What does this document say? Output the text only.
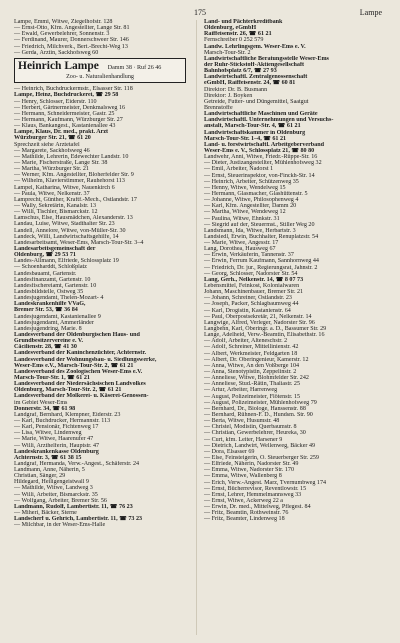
175	Lampe
Lampe, Emmi, Witwe, Ziegelhofstr. 128
— Ernst-Otto, Kfm. Angestellter, Lange Str. 81
— Ewald, Gewerbelehrer, Sonnenstr. 3
— Ferdinand, Maurer, Donnerschweer Str. 146
— Friedrich, Milchverk., Bert.-Brecht-Weg 13
— Gerda, Ärztin, Sackhofsweg 60
Heinrich Lampe Damm 38 · Ruf 26 46
Zoo- u. Naturalienhandlung
— Heinrich, Buchdruckermstr., Elsasser Str. 118
Lampe, Heinz, Buchdruckerei, ☎ 29 58
— Henry, Schlosser, Eiderstr. 110
— Herbert, Gärtnermeister, Denkmalsweg 16
— Hermann, Schneidermeister, Gastr. 25
— Hermann, Kaufmann, Würzburger Str. 27
— Klaus, Bankangest., Kastanienallee 43
Lampe, Klaus, Dr. med., prakt. Arzt
Würzburger Str. 21, ☎ 61 20
Sprechzeit siehe Ärztetafel
— Margarete, Sackhofsweg 46
— Mathilde, Lehrerin, Edewechter Landstr. 10
— Marie, Fischerstraße, Lange Str. 38
— Martha, Würzburger Str. 21
— Werner, Kfm. Angestellter, Bloherfelder Str. 9
— Wilhelm, Klavierstimmer, Rauhehorst 113
Lampel, Katharina, Witwe, Nauenkirch 6
— Paula, Witwe, Nelkenstr. 37
Lamprecht, Günther, Kraftf.-Mech., Ostlandstr. 17
— Wally, Sekretärin, Kanalstr. 13
— Willi, Tischler, Bismarckstr. 12
Lamschus, Else, Hausmädchen, Alexanderstr. 13
Landau, Luise, Witwe, Stadthalter Str. 23
Landell, Annelore, Witwe, von-Müller-Str. 30
Landeck, Willi, Landwirtschaftsgehilfe, 14
Landesarbeitsamt, Weser-Ems, Marsch-Tour-Str. 3–4
Landesarbeitsgemeinschaft der
Oldenburg, ☎ 29 53 71
Landes-Allmann, Elfriede, Schlossplatz 19
— Schoenharddt, Schloßplatz
Landesbauamt, Gartenstr.
Landesfinanzamt, Gartenstr. 10
Landesfischereiamt, Gartenstr. 10
Landesbildstelle, Ostweg 35
Landesjugendamt, Thelen-Mozart- 4
Landeskrankenhilfe VVaG,
Bremer Str. 53, ☎ 36 84
Landesjugendamt, Kastanienallee 9
Landesjugendamt, Ammerländer
Landesjugendring, Marie. 8
Landesverband der Oldenburgischen Haus- und
Grundbesitzervereine e. V.
Cäcilienstr. 28, ☎ 41 30
Landesverband der Kaninchenzüchter, Achternstr.
Landesverband der Wohnungsbau- u. Siedlungswerke,
Weser-Ems e.V., Marsch-Tour-Str. 2, ☎ 61 21
Landesverband des Zoologischen Weser-Ems e.V.
Marsch-Tour-Str. 1, ☎ 61 21
Landesverband der Niedersächsischen Landvolkes
Oldenburg, Marsch-Tour-Str. 2, ☎ 61 21
Landesverband der Molkerei- u. Käserei-Genossen-
im Gebiet Weser-Ems
Donnerstr. 34, ☎ 61 98
Landgraf, Bernhard, Klempner, Eiderstr. 23
— Karl, Buchdrucker, Hermannstr. 113
— Karl, Pensionär, Fichtenweg 17
— Lisa, Witwe, Lindenweg
— Marie, Witwe, Haarenufer 47
— Willi, Arzthelferin, Hauptstr. 47
Landeskrankenkasse Oldenburg
Achternstr. 3, ☎ 61 38 15
Landgraf, Hermanda, Verw.-Angest., Schäferstr. 24
Landmann, Anne, Näherin, 5
Christian, Sänger, 29
Hildegard, Heiligengeistwall 9
— Mathilde, Witwe, Landweg 3
— Willi, Arbeiter, Bismarckstr. 35
— Wolfgang, Arbeiter, Bremer Str. 56
Landmann, Rudolf, Lambertistr. 11, ☎ 76 23
— Miheri, Bäcker, Sterne
Landscherf u. Gehrich, Lambertistr. 11, ☎ 73 23
— Milchbar, in der Weser-Ems-Halle
Land- und Pächterkreditbank
Oldenburg, eGmbH
Raiffeisenstr. 26, ☎ 61 21
Fernschreiber 0 252 579
Landw. Lehrlingsgem. Weser-Ems e. V.
Marsch-Tour-Str. 2
Landwirtschaftliche Beratungsstelle Weser-Ems
der Ruhr-Stickstoff-Aktiengesellschaft
Bahnhofsplatz 6/7, ☎ 27 93
Landwirtschaftl. Zentralgenossenschaft
eGmbH, Raiffeisenstr. 24, ☎ 60 81
Direktor: Dr. B. Busmann
Direktor: J. Boyken
Getreide, Futter- und Düngemittel, Saatgut
Brennstoffe
Landwirtschaftliche Maschinen und Geräte
Landwirtschaftl. Unternehmungen und Versuchs-
anstalt, Marsch-Tour-Str. 4, ☎ 61 21
Landwirtschaftskammer in Oldenburg
Marsch-Tour-Str. 1–4, ☎ 61 21
Land- u. forstwirtschaftl. Arbeitgeberverband
Weser-Ems e. V., Schlossplatz 21, ☎ 80 80
Landwehr, Anni, Witwe, Friedr.-Rüppe-Str. 16
— Dieter, Justizangestellter, Mühlenhofsweg 32
— Emil, Arbeiter, Nadorst 1
— Ernst, Steuerinspektor, von-Finckh-Str. 14
— Heinrich, Arbeiter, Schützenweg 35
— Henny, Witwe, Wendelweg 15
— Hermann, Glasmacher, Glashüttenstr. 5
— Johanne, Witwe, Philosophenweg 4
— Karl, Kfm. Angestellter, Damm 20
— Martha, Witwe, Wendeweg 12
— Paulina, Witwe, Ehnkstr. 31
— Siegrid auf der, Steuermst., Stiller Weg 20
Landsmann, Ida, Witwe, Herbartstr. 3
Landsiedl, Erwin, Buchhalter, Renuplatzstr. 54
— Marie, Witwe, Angesstr. 17
Lang, Dorothea, Hausweg 67
— Erwin, Verkäuferin, Tannenstr. 37
— Erwin, Ferrum Kaufmann, Sannhornweg 44
— Friedrich, Dr. jur., Regierungsrat, Jahnstr. 2
— Georg, Schlosser, Nadorster Str. 54
Lang, Gerh., Nelkenstr. 14, ☎ 8 07 73
Lebensmittel, Feinkost, Kolonialwaren
Johann, Maschinenbauer, Bremer Str. 21
— Johann, Schreiner, Ostlandstr. 23
— Joseph, Packer, Schlagbaumweg 44
— Karl, Drogistin, Kastanienstr. 64
— Paul, Oberpostsekretär, 21, Nelkenstr. 14
Langwige, Alfred, Verleger, Nadorster Str. 96
Langbehn, Karl, Oberingr. a. D., Bassumer Str. 29
Lange, Adelheid, Verw.-Beamtin, Elisabethstr. 16
— Adolf, Arbeiter, Alteneschstr. 2
— Adolf, Schreiner, Mittellinienstr. 42
— Albert, Werkmeister, Feldgarten 18
— Albert, Dr. Oberingenieur, Kamerstr. 12
— Anna, Witwe, An den Voßberge 104
— Anna, Stenotypistin, Zeppelinstr. 2
— Anneliese, Witwe, Blohmfelder Str. 242
— Anneliese, Stud.-Rätin, Thaliastr. 25
— Artur, Arbeiter, Harrenweg
— August, Polizeimeister, Flötenstr. 15
— August, Polizeimeister, Mühlenhofsweg 79
— Bernhard, Dr., Biologe, Hanssenstr. 88
— Bernhard, Rühnen-F. D., Hundsm. Str. 90
— Berta, Witwe, Husumstr. 48
— Christel, Modistin, Querbaumstr. 8
— Christian, Gewerbelehrer, Heureka, 30
— Curt, kfm. Leiter, Harsener 9
— Dietrich, Landwirt, Wellenweg, Bäcker 49
— Dora, Elsasser 69
— Else, Feinsteigerin, O. Steuerberger Str. 259
— Elfriede, Näherin, Nadorster Str. 49
— Emma, Witwe, Nadorster Str. 170
— Emma, Witwe, Wallenberg 8
— Erich, Verw.-Angest. Marz, Tvernumbweg 174
— Ernst, Bücherrevisor, Reventlowstr. 15
— Ernst, Lehrer, Hemmelmannsweg 33
— Ernst, Witwe, Ackerweg 22 a
— Erwin, Dr. med., Mittelweg, Pflegest. 84
— Fritz, Beamtin, Rothweinstr. 76
— Fritz, Beamter, Lindenweg 18
